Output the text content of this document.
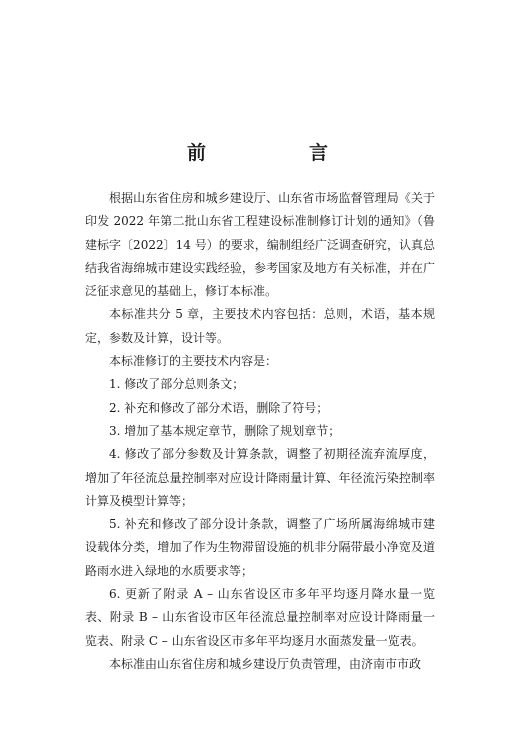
前　言

根据山东省住房和城乡建设厅、山东省市场监督管理局《关于印发 2022 年第二批山东省工程建设标准制修订计划的通知》（鲁建标字〔2022〕14 号）的要求，编制组经广泛调查研究，认真总结我省海绵城市建设实践经验，参考国家及地方有关标准，并在广泛征求意见的基础上，修订本标准。

本标准共分 5 章，主要技术内容包括：总则，术语，基本规定，参数及计算，设计等。

本标准修订的主要技术内容是：

1. 修改了部分总则条文；

2. 补充和修改了部分术语，删除了符号；

3. 增加了基本规定章节，删除了规划章节；

4. 修改了部分参数及计算条款，调整了初期径流弃流厚度，增加了年径流总量控制率对应设计降雨量计算、年径流污染控制率计算及模型计算等；

5. 补充和修改了部分设计条款，调整了广场所属海绵城市建设载体分类，增加了作为生物滞留设施的机非分隔带最小净宽及道路雨水进入绿地的水质要求等；

6. 更新了附录 A – 山东省设区市多年平均逐月降水量一览表、附录 B – 山东省设市区年径流总量控制率对应设计降雨量一览表、附录 C – 山东省设区市多年平均逐月水面蒸发量一览表。

本标准由山东省住房和城乡建设厅负责管理，由济南市市政
